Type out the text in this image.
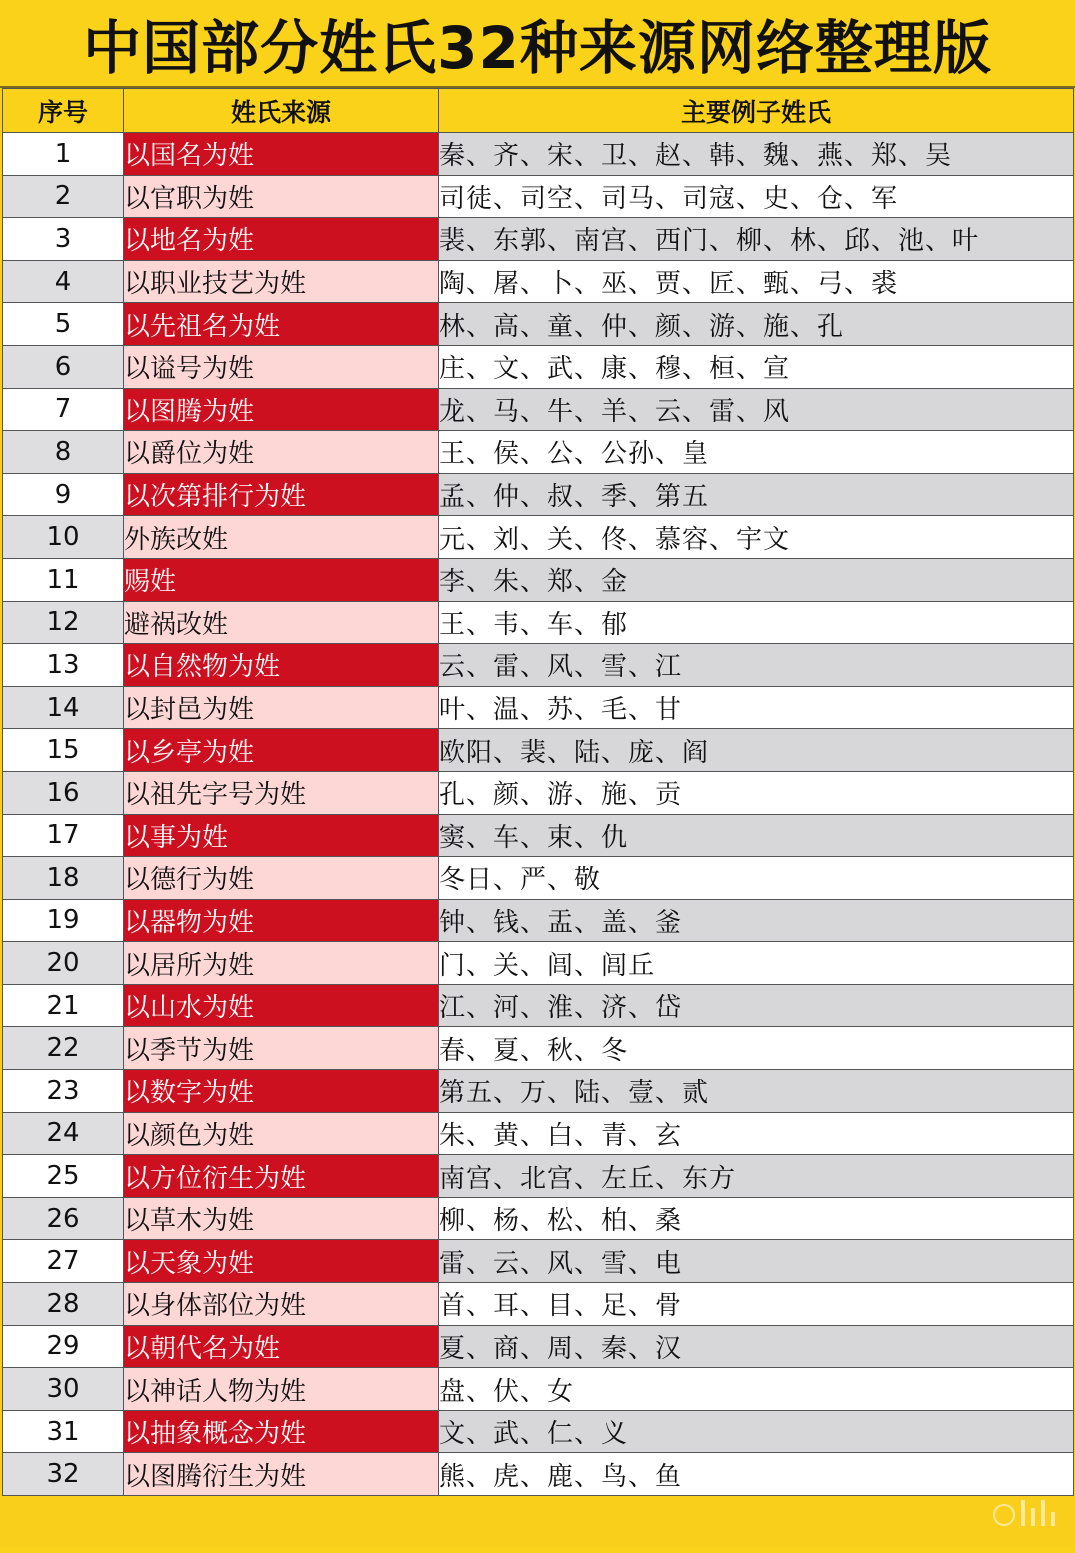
中国部分姓氏32种来源网络整理版
序号	姓氏来源	主要例子姓氏
1	以国名为姓	秦、齐、宋、卫、赵、韩、魏、燕、郑、吴
2	以官职为姓	司徒、司空、司马、司寇、史、仓、军
3	以地名为姓	裴、东郭、南宫、西门、柳、林、邱、池、叶
4	以职业技艺为姓	陶、屠、卜、巫、贾、匠、甄、弓、裘
5	以先祖名为姓	林、高、童、仲、颜、游、施、孔
6	以谥号为姓	庄、文、武、康、穆、桓、宣
7	以图腾为姓	龙、马、牛、羊、云、雷、风
8	以爵位为姓	王、侯、公、公孙、皇
9	以次第排行为姓	孟、仲、叔、季、第五
10	外族改姓	元、刘、关、佟、慕容、宇文
11	赐姓	李、朱、郑、金
12	避祸改姓	王、韦、车、郁
13	以自然物为姓	云、雷、风、雪、江
14	以封邑为姓	叶、温、苏、毛、甘
15	以乡亭为姓	欧阳、裴、陆、庞、阎
16	以祖先字号为姓	孔、颜、游、施、贡
17	以事为姓	窦、车、束、仇
18	以德行为姓	冬日、严、敬
19	以器物为姓	钟、钱、盂、盖、釜
20	以居所为姓	门、关、闾、闾丘
21	以山水为姓	江、河、淮、济、岱
22	以季节为姓	春、夏、秋、冬
23	以数字为姓	第五、万、陆、壹、贰
24	以颜色为姓	朱、黄、白、青、玄
25	以方位衍生为姓	南宫、北宫、左丘、东方
26	以草木为姓	柳、杨、松、柏、桑
27	以天象为姓	雷、云、风、雪、电
28	以身体部位为姓	首、耳、目、足、骨
29	以朝代名为姓	夏、商、周、秦、汉
30	以神话人物为姓	盘、伏、女
31	以抽象概念为姓	文、武、仁、义
32	以图腾衍生为姓	熊、虎、鹿、鸟、鱼
